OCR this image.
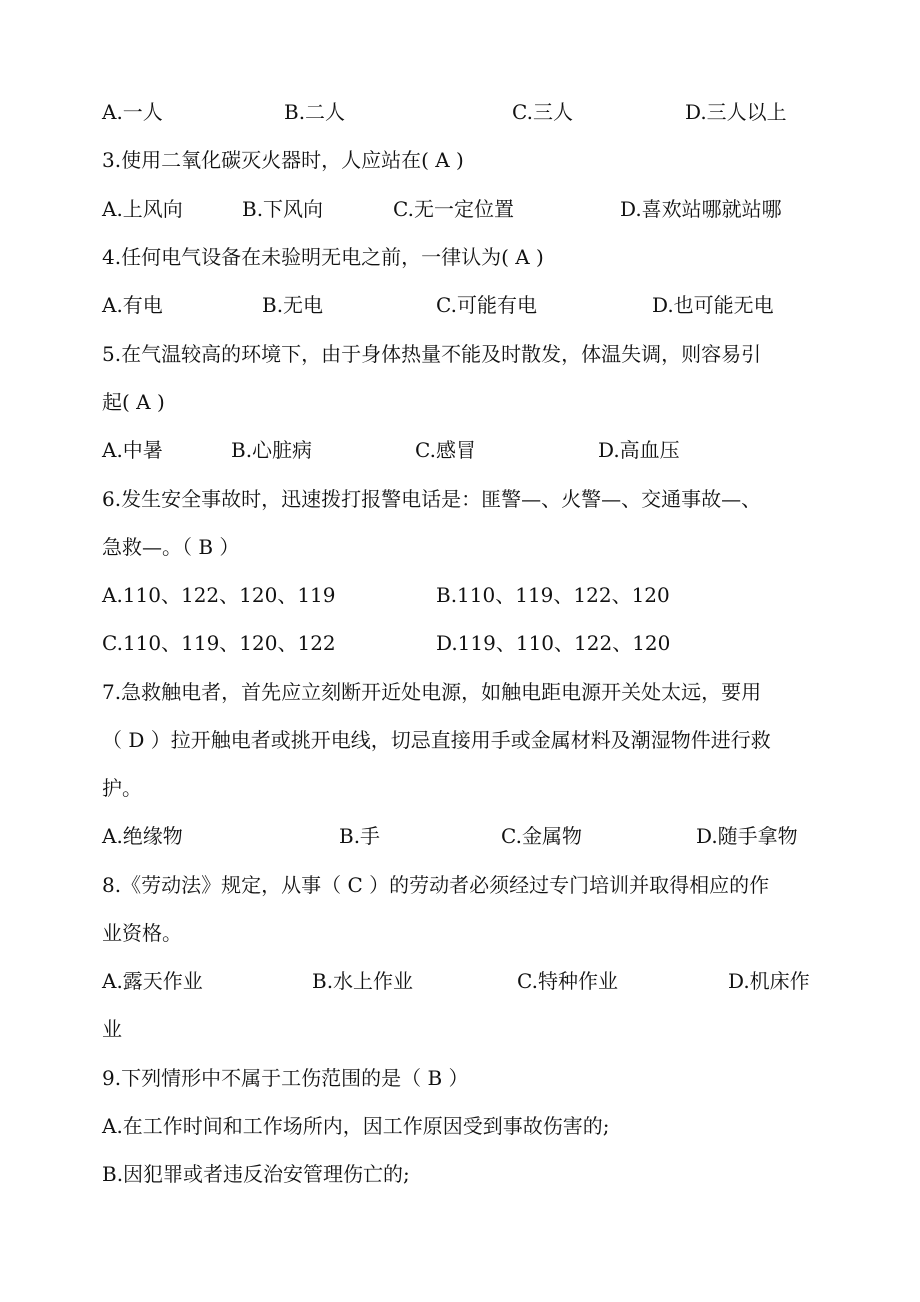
A.一人	B.二人	C.三人	D.三人以上
3.使用二氧化碳灭火器时，人应站在( A )
A.上风向	B.下风向	C.无一定位置	D.喜欢站哪就站哪
4.任何电气设备在未验明无电之前，一律认为( A )
A.有电	B.无电	C.可能有电	D.也可能无电
5.在气温较高的环境下，由于身体热量不能及时散发，体温失调，则容易引
起( A )
A.中暑	B.心脏病	C.感冒	D.高血压
6.发生安全事故时，迅速拨打报警电话是：匪警—、火警—、交通事故—、
急救—。（ B ）
A.110、122、120、119	B.110、119、122、120
C.110、119、120、122	D.119、110、122、120
7.急救触电者，首先应立刻断开近处电源，如触电距电源开关处太远，要用
（ D ）拉开触电者或挑开电线，切忌直接用手或金属材料及潮湿物件进行救
护。
A.绝缘物	B.手	C.金属物	D.随手拿物
8.《劳动法》规定，从事（ C ）的劳动者必须经过专门培训并取得相应的作
业资格。
A.露天作业	B.水上作业	C.特种作业	D.机床作
业
9.下列情形中不属于工伤范围的是（ B ）
A.在工作时间和工作场所内，因工作原因受到事故伤害的;
B.因犯罪或者违反治安管理伤亡的;
